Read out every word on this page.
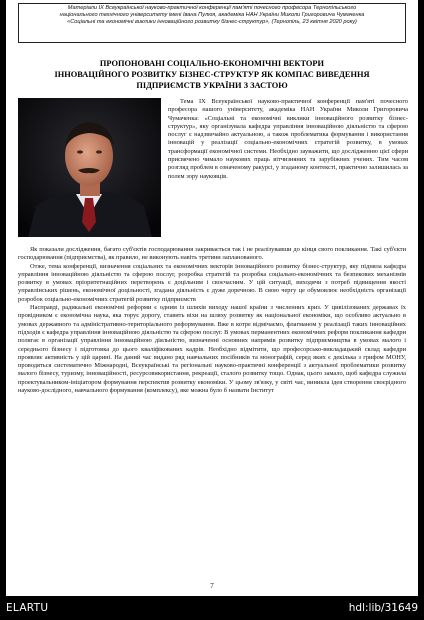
Матеріали IX Всеукраїнської науково-практичної конференції пам'яті почесного професора Тернопільського
національного технічного університету імені Івана Пулюя, академіка НАН України Миколи Григоровича Чумаченка
«Соціальні та економічні виклики інноваційного розвитку бізнес-структур», (Тернопіль, 23 квітня 2020 року)
ПРОПОНОВАНІ СОЦІАЛЬНО-ЕКОНОМІЧНІ ВЕКТОРИ
ІННОВАЦІЙНОГО РОЗВИТКУ БІЗНЕС-СТРУКТУР ЯК КОМПАС ВИВЕДЕННЯ
ПІДПРИЄМСТВ УКРАЇНИ З ЗАСТОЮ

Тема IX Всеукраїнської науково-практичної конференції пам'яті почесного професора нашого університету, академіка НАН України Миколи Григоровича Чумаченка: «Соціальні та економічні виклики інноваційного розвитку бізнес-структур», яку організувала кафедра управління інноваційною діяльністю та сферою послуг є надзвичайно актуальною, а також проблематика формування і використання інновацій у реалізації соціально-економічних стратегій розвитку, в умовах трансформації економічної системи. Необхідно зауважити, що дослідженню цієї сфери присвячено чимало наукових праць вітчизняних та зарубіжних учених. Тим часом розгляд проблем в означеному ракурсі, у згаданому контексті, практично залишилась за полем зору науковців.

Як показали дослідження, багато суб'єктів господарювання закривається так і не реалізувавши до кінця свого покликання. Такі суб'єкти господарювання (підприємства), як правило, не виконують навіть третини запланованого.

Отже, тема конференції, визначення соціальних та економічних векторів інноваційного розвитку бізнес-структур, яку підняла кафедра управління інноваційною діяльністю та сферою послуг, розробка стратегій та розробка соціально-економічних та безпекових механізмів розвитку в умовах пріоритетнаційних перетворень є доцільним і своєчасним. У цій ситуації, виходячи з потреб підвищення якості управлінських рішень, економічної доцільності, згадана діяльність є дуже доречною. В свою чергу це обумовлює необхідність організації розробок соціально-економічних стратегій розвитку підприємств

Насправді, радикальні економічні реформи є одним із шляхів виходу нашої країни з численних криз. У цивілізованих державах їх провідником є економічна наука, яка торує дорогу, ставить віхи на шляху розвитку як національної економіки, що особливо актуально в умовах державного та адміністративно-територіального реформування. Вже в котре відмічаємо, флагманом у реалізації таких інноваційних підходів є кафедра управління інноваційною діяльністю та сферою послуг. В умовах перманентних економічних реформ покликання кафедри полягає в організації управління інноваційною діяльністю, визначенні основних напрямів розвитку підприємництва в умовах малого і середнього бізнесу і підготовка до цього кваліфікованих кадрів. Необхідно відмітити, що професорсько-викладацький склад кафедри проявляє активність у цій царині. На даний час видано ряд навчальних посібників та монографій, серед яких є декілька з грифом МОНУ, проводяться систематично Міжнародні, Всеукраїнські та регіональні науково-практичні конференції з актуальної проблематики розвитку малого бізнесу, туризму, інноваційності, ресурсовикористання, рекреації, сталого розвитку тощо. Однак, цього замало, щоб кафедра служила проектувальником-ініціатором формування перспектив розвитку економіки. У цьому зв'язку, у світі час, виникла ідея створення своєрідного науково-дослідного, навчального формування (комплексу), яке можна було б назвати Інститут

7
ELARTU	hdl:lib/31649
